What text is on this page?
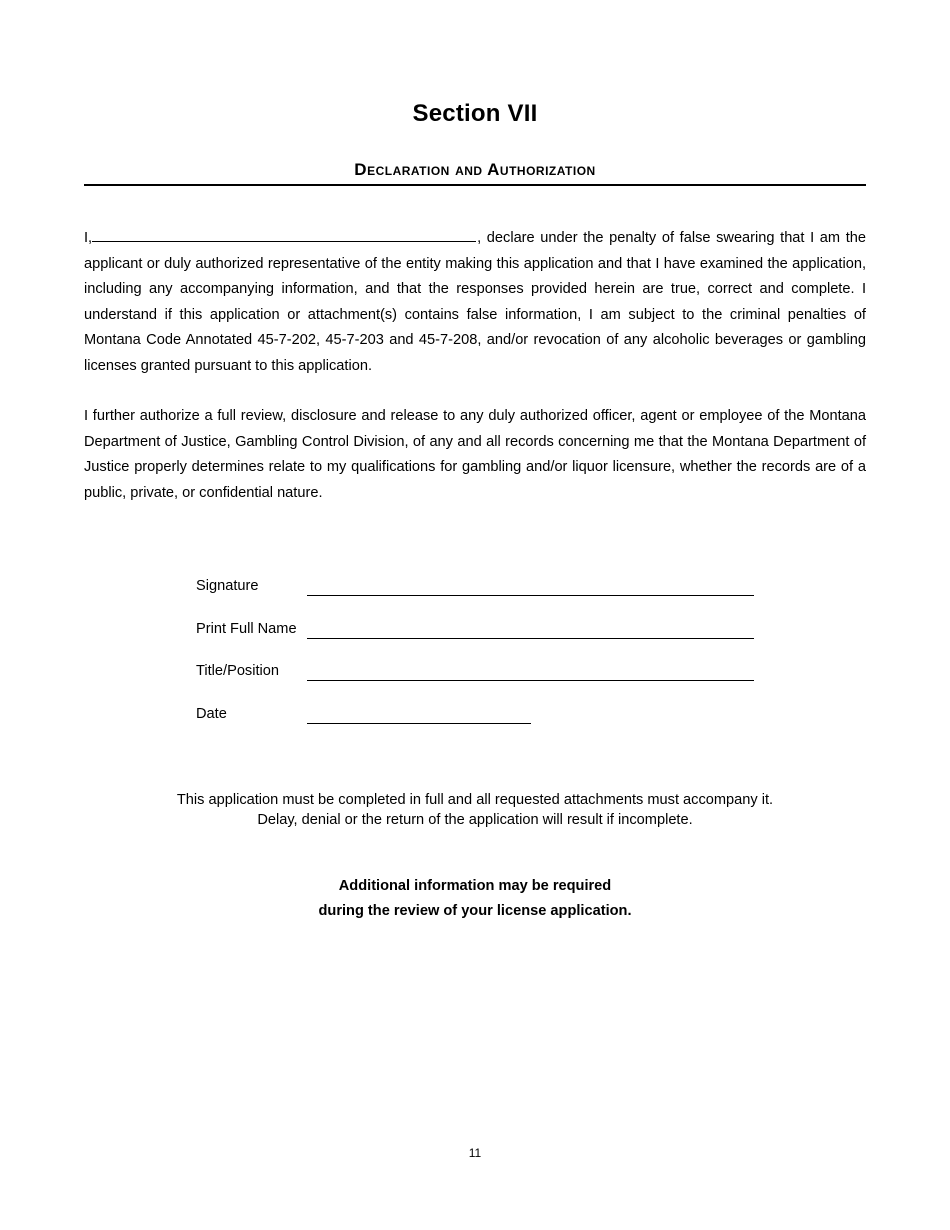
Section VII
Declaration and Authorization
I,	, declare under the penalty of false swearing that I am the applicant or duly authorized representative of the entity making this application and that I have examined the application, including any accompanying information, and that the responses provided herein are true, correct and complete. I understand if this application or attachment(s) contains false information, I am subject to the criminal penalties of Montana Code Annotated 45-7-202, 45-7-203 and 45-7-208, and/or revocation of any alcoholic beverages or gambling licenses granted pursuant to this application.
I further authorize a full review, disclosure and release to any duly authorized officer, agent or employee of the Montana Department of Justice, Gambling Control Division, of any and all records concerning me that the Montana Department of Justice properly determines relate to my qualifications for gambling and/or liquor licensure, whether the records are of a public, private, or confidential nature.
Signature
Print Full Name
Title/Position
Date
This application must be completed in full and all requested attachments must accompany it.
Delay, denial or the return of the application will result if incomplete.
Additional information may be required
during the review of your license application.
11
